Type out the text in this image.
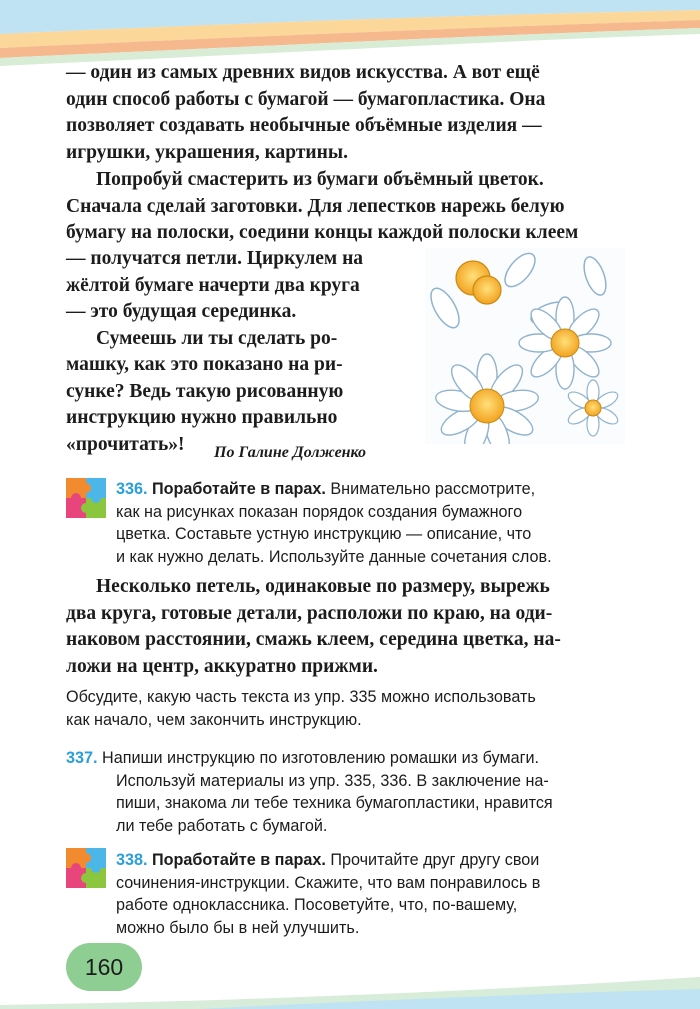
— один из самых древних видов искусства. А вот ещё

один способ работы с бумагой — бумагопластика. Она

позволяет создавать необычные объёмные изделия —

игрушки, украшения, картины.

Попробуй смастерить из бумаги объёмный цветок.

Сначала сделай заготовки. Для лепестков нарежь белую

бумагу на полоски, соедини концы каждой полоски клеем

— получатся петли. Циркулем на

жёлтой бумаге начерти два круга

— это будущая серединка.

Сумеешь ли ты сделать ро-

машку, как это показано на ри-

сунке? Ведь такую рисованную

инструкцию нужно правильно

«прочитать»!	По Галине Долженко
336. Поработайте в парах. Внимательно рассмотрите,
как на рисунках показан порядок создания бумажного
цветка. Составьте устную инструкцию — описание, что
и как нужно делать. Используйте данные сочетания слов.

Несколько петель, одинаковые по размеру, вырежь

два круга, готовые детали, расположи по краю, на оди-

наковом расстоянии, смажь клеем, середина цветка, на-

ложи на центр, аккуратно прижми.

Обсудите, какую часть текста из упр. 335 можно использовать
как начало, чем закончить инструкцию.
337. Напиши инструкцию по изготовлению ромашки из бумаги.
Используй материалы из упр. 335, 336. В заключение на-
пиши, знакома ли тебе техника бумагопластики, нравится
ли тебе работать с бумагой.
338. Поработайте в парах. Прочитайте друг другу свои
сочинения-инструкции. Скажите, что вам понравилось в
работе одноклассника. Посоветуйте, что, по-вашему,
можно было бы в ней улучшить.
160
